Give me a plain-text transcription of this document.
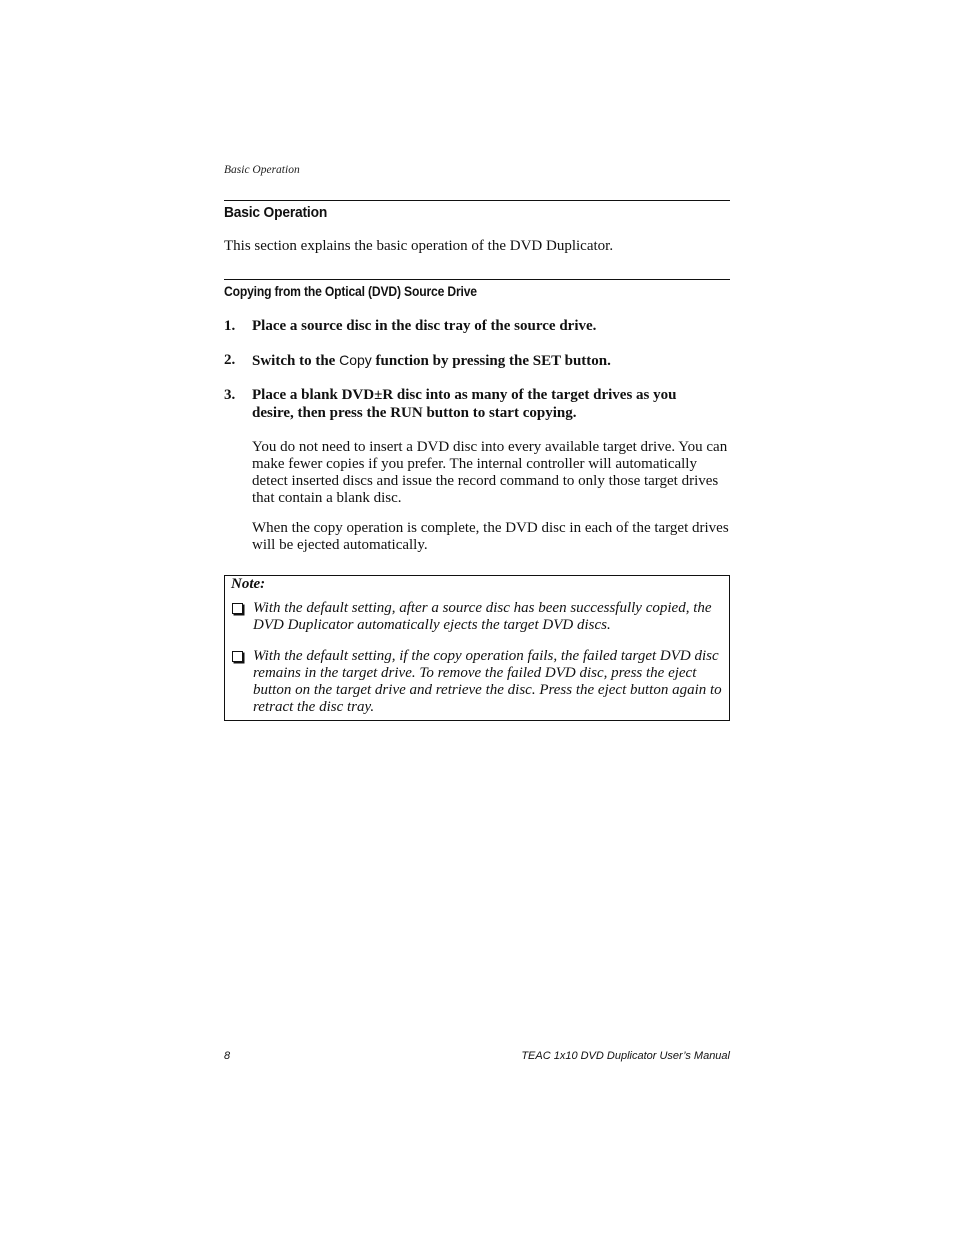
Basic Operation
Basic Operation
This section explains the basic operation of the DVD Duplicator.
Copying from the Optical (DVD) Source Drive
1. Place a source disc in the disc tray of the source drive.
2. Switch to the Copy function by pressing the SET button.
3. Place a blank DVD±R disc into as many of the target drives as you desire, then press the RUN button to start copying.
You do not need to insert a DVD disc into every available target drive. You can make fewer copies if you prefer. The internal controller will automatically detect inserted discs and issue the record command to only those target drives that contain a blank disc.
When the copy operation is complete, the DVD disc in each of the target drives will be ejected automatically.
Note:
With the default setting, after a source disc has been successfully copied, the DVD Duplicator automatically ejects the target DVD discs.
With the default setting, if the copy operation fails, the failed target DVD disc remains in the target drive. To remove the failed DVD disc, press the eject button on the target drive and retrieve the disc. Press the eject button again to retract the disc tray.
8	TEAC 1x10 DVD Duplicator User’s Manual
